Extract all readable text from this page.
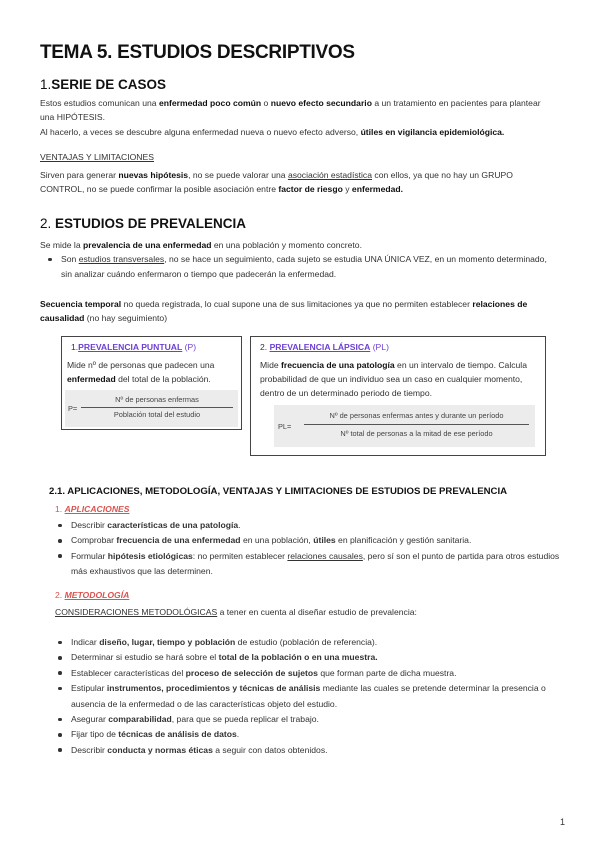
TEMA 5. ESTUDIOS DESCRIPTIVOS
1.SERIE DE CASOS
Estos estudios comunican una enfermedad poco común o nuevo efecto secundario a un tratamiento en pacientes para plantear una HIPÓTESIS.
Al hacerlo, a veces se descubre alguna enfermedad nueva o nuevo efecto adverso, útiles en vigilancia epidemiológica.
VENTAJAS Y LIMITACIONES
Sirven para generar nuevas hipótesis, no se puede valorar una asociación estadística con ellos, ya que no hay un GRUPO CONTROL, no se puede confirmar la posible asociación entre factor de riesgo y enfermedad.
2. ESTUDIOS DE PREVALENCIA
Se mide la prevalencia de una enfermedad en una población y momento concreto.
Son estudios transversales, no se hace un seguimiento, cada sujeto se estudia UNA ÚNICA VEZ, en un momento determinado, sin analizar cuándo enfermaron o tiempo que padecerán la enfermedad.
Secuencia temporal no queda registrada, lo cual supone una de sus limitaciones ya que no permiten establecer relaciones de causalidad (no hay seguimiento)
1.PREVALENCIA PUNTUAL (P)
Mide nº de personas que padecen una enfermedad del total de la población.
P=
Nº de personas enfermas
Población total del estudio
2. PREVALENCIA LÁPSICA (PL)
Mide frecuencia de una patología en un intervalo de tiempo. Calcula probabilidad de que un individuo sea un caso en cualquier momento, dentro de un determinado periodo de tiempo.
PL=
Nº de personas enfermas antes y durante un período
Nº total de personas a la mitad de ese período
2.1. APLICACIONES, METODOLOGÍA, VENTAJAS Y LIMITACIONES DE ESTUDIOS DE PREVALENCIA
1. APLICACIONES
Describir características de una patología.
Comprobar frecuencia de una enfermedad en una población, útiles en planificación y gestión sanitaria.
Formular hipótesis etiológicas: no permiten establecer relaciones causales, pero sí son el punto de partida para otros estudios más exhaustivos que las determinen.
2. METODOLOGÍA
CONSIDERACIONES METODOLÓGICAS a tener en cuenta al diseñar estudio de prevalencia:
Indicar diseño, lugar, tiempo y población de estudio (población de referencia).
Determinar si estudio se hará sobre el total de la población o en una muestra.
Establecer características del proceso de selección de sujetos que forman parte de dicha muestra.
Estipular instrumentos, procedimientos y técnicas de análisis mediante las cuales se pretende determinar la presencia o ausencia de la enfermedad o de las características objeto del estudio.
Asegurar comparabilidad, para que se pueda replicar el trabajo.
Fijar tipo de técnicas de análisis de datos.
Describir conducta y normas éticas a seguir con datos obtenidos.
1
